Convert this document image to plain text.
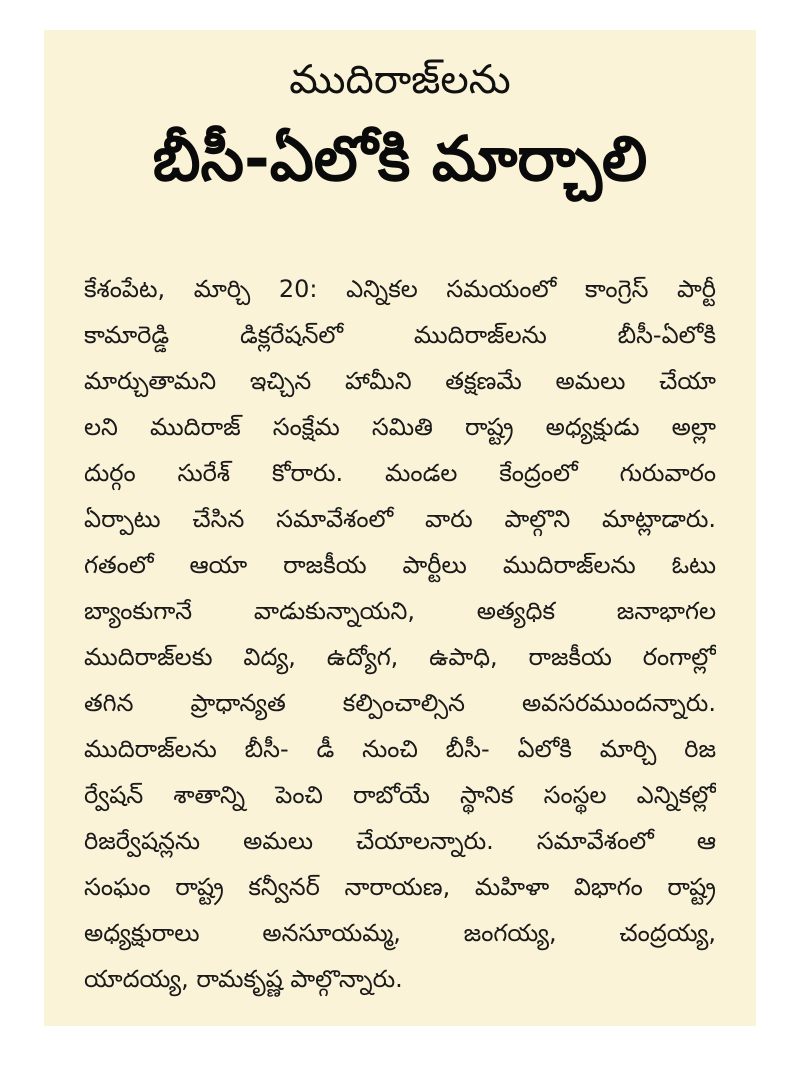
ముదిరాజ్‌లను
బీసీ-ఏలోకి మార్చాలి
కేశంపేట, మార్చి 20: ఎన్నికల సమయంలో కాంగ్రెస్ పార్టీ
కామారెడ్డి డిక్లరేషన్‌లో ముదిరాజ్‌లను బీసీ-ఏలోకి
మార్చుతామని ఇచ్చిన హామీని తక్షణమే అమలు చేయా
లని ముదిరాజ్ సంక్షేమ సమితి రాష్ట్ర అధ్యక్షుడు అల్లా
దుర్గం సురేశ్ కోరారు. మండల కేంద్రంలో గురువారం
ఏర్పాటు చేసిన సమావేశంలో వారు పాల్గొని మాట్లాడారు.
గతంలో ఆయా రాజకీయ పార్టీలు ముదిరాజ్‌లను ఓటు
బ్యాంకుగానే వాడుకున్నాయని, అత్యధిక జనాభాగల
ముదిరాజ్‌లకు విద్య, ఉద్యోగ, ఉపాధి, రాజకీయ రంగాల్లో
తగిన ప్రాధాన్యత కల్పించాల్సిన అవసరముందన్నారు.
ముదిరాజ్‌లను బీసీ- డీ నుంచి బీసీ- ఏలోకి మార్చి రిజ
ర్వేషన్ శాతాన్ని పెంచి రాబోయే స్థానిక సంస్థల ఎన్నికల్లో
రిజర్వేషన్లను అమలు చేయాలన్నారు. సమావేశంలో ఆ
సంఘం రాష్ట్ర కన్వీనర్ నారాయణ, మహిళా విభాగం రాష్ట్ర
అధ్యక్షురాలు అనసూయమ్మ, జంగయ్య, చంద్రయ్య,
యాదయ్య, రామకృష్ణ పాల్గొన్నారు.
